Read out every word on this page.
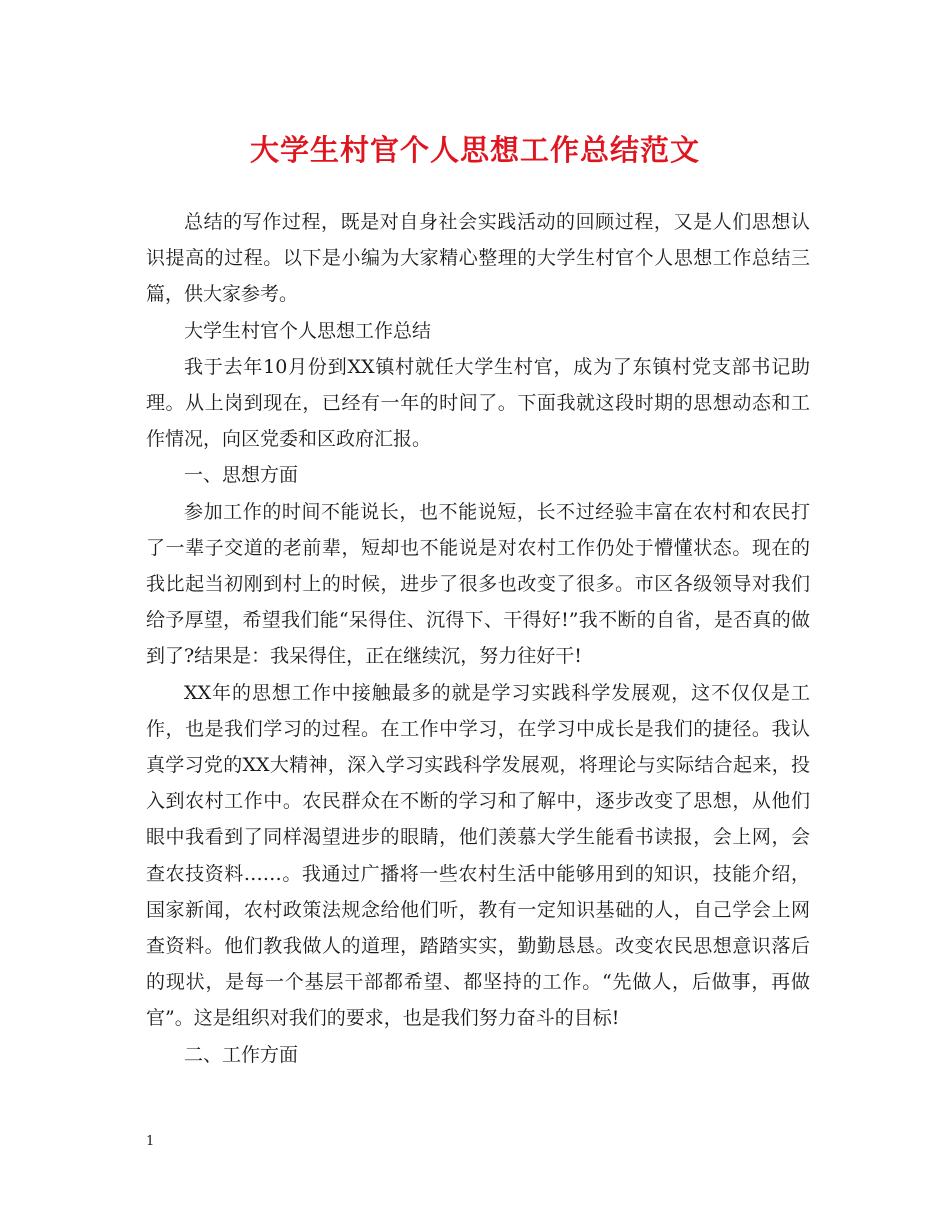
大学生村官个人思想工作总结范文

总结的写作过程，既是对自身社会实践活动的回顾过程，又是人们思想认识提高的过程。以下是小编为大家精心整理的大学生村官个人思想工作总结三篇，供大家参考。

大学生村官个人思想工作总结

我于去年10月份到XX镇村就任大学生村官，成为了东镇村党支部书记助理。从上岗到现在，已经有一年的时间了。下面我就这段时期的思想动态和工作情况，向区党委和区政府汇报。

一、思想方面

参加工作的时间不能说长，也不能说短，长不过经验丰富在农村和农民打了一辈子交道的老前辈，短却也不能说是对农村工作仍处于懵懂状态。现在的我比起当初刚到村上的时候，进步了很多也改变了很多。市区各级领导对我们给予厚望，希望我们能“呆得住、沉得下、干得好!”我不断的自省，是否真的做到了?结果是：我呆得住，正在继续沉，努力往好干!

XX年的思想工作中接触最多的就是学习实践科学发展观，这不仅仅是工作，也是我们学习的过程。在工作中学习，在学习中成长是我们的捷径。我认真学习党的XX大精神，深入学习实践科学发展观，将理论与实际结合起来，投入到农村工作中。农民群众在不断的学习和了解中，逐步改变了思想，从他们眼中我看到了同样渴望进步的眼睛，他们羡慕大学生能看书读报，会上网，会查农技资料……。我通过广播将一些农村生活中能够用到的知识，技能介绍，国家新闻，农村政策法规念给他们听，教有一定知识基础的人，自己学会上网查资料。他们教我做人的道理，踏踏实实，勤勤恳恳。改变农民思想意识落后的现状，是每一个基层干部都希望、都坚持的工作。“先做人，后做事，再做官”。这是组织对我们的要求，也是我们努力奋斗的目标!

二、工作方面

1
